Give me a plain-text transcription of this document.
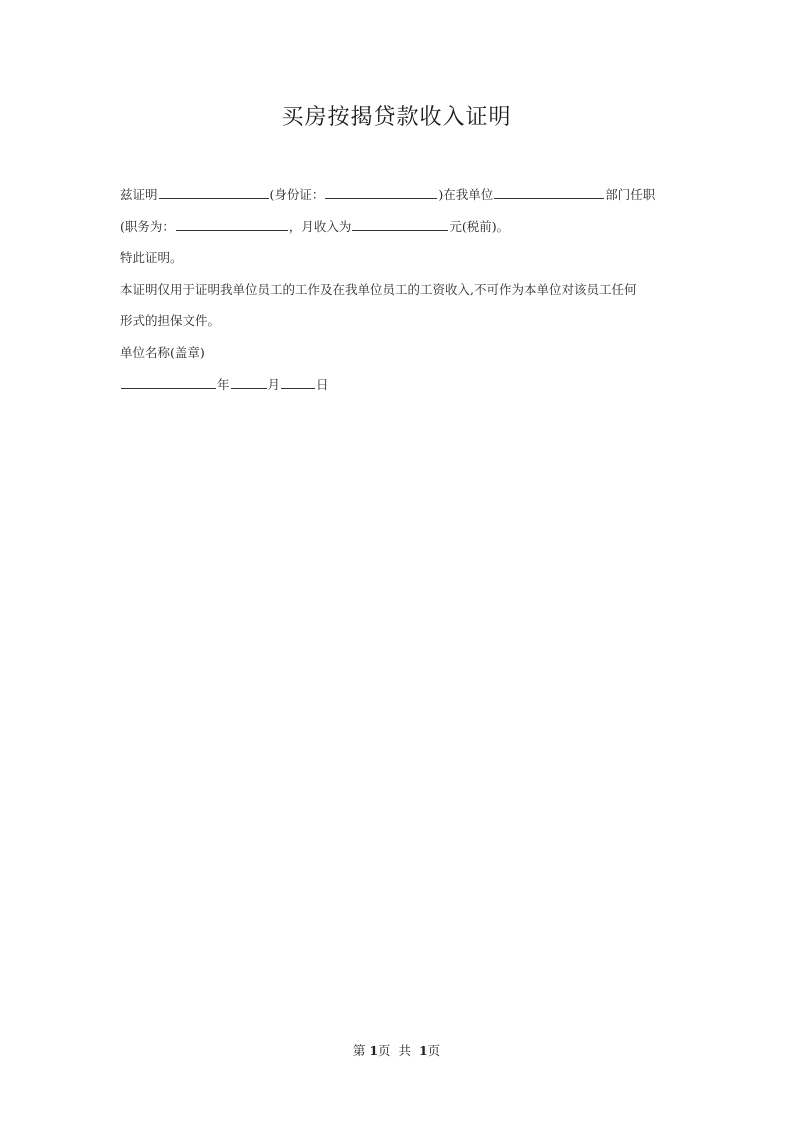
买房按揭贷款收入证明
兹证明	(身份证：	)在我单位	部门任职
(职务为：	，月收入为	元(税前)。
特此证明。
本证明仅用于证明我单位员工的工作及在我单位员工的工资收入,不可作为本单位对该员工任何
形式的担保文件。
单位名称(盖章)
年	月	日
第 1页 共 1页
